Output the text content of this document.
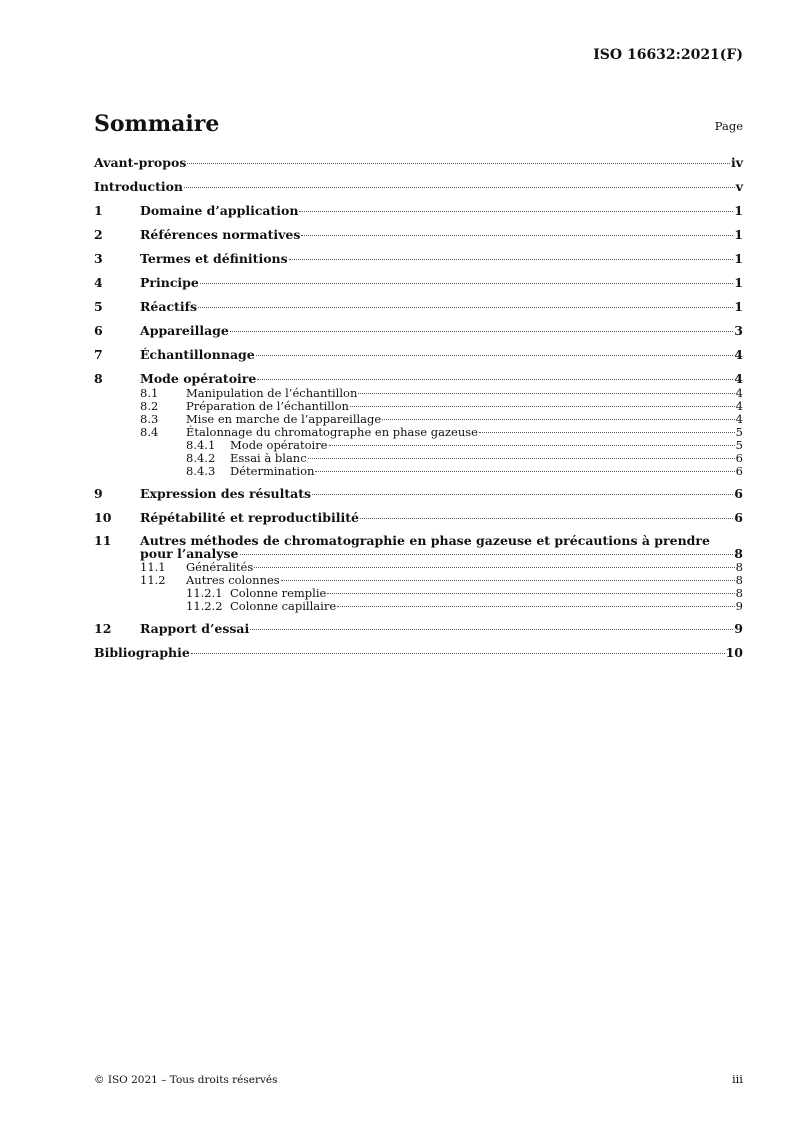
ISO 16632:2021(F)
Sommaire	Page
Avant-propos	iv
Introduction	v
1	Domaine d’application	1
2	Références normatives	1
3	Termes et définitions	1
4	Principe	1
5	Réactifs	1
6	Appareillage	3
7	Échantillonnage	4
8	Mode opératoire	4
8.1	Manipulation de l’échantillon	4
8.2	Préparation de l’échantillon	4
8.3	Mise en marche de l’appareillage	4
8.4	Étalonnage du chromatographe en phase gazeuse	5
8.4.1	Mode opératoire	5
8.4.2	Essai à blanc	6
8.4.3	Détermination	6
9	Expression des résultats	6
10	Répétabilité et reproductibilité	6
11	Autres méthodes de chromatographie en phase gazeuse et précautions à prendre
pour l’analyse	8
11.1	Généralités	8
11.2	Autres colonnes	8
11.2.1 Colonne remplie	8
11.2.2 Colonne capillaire	9
12	Rapport d’essai	9
Bibliographie	10
© ISO 2021 – Tous droits réservés	iii
